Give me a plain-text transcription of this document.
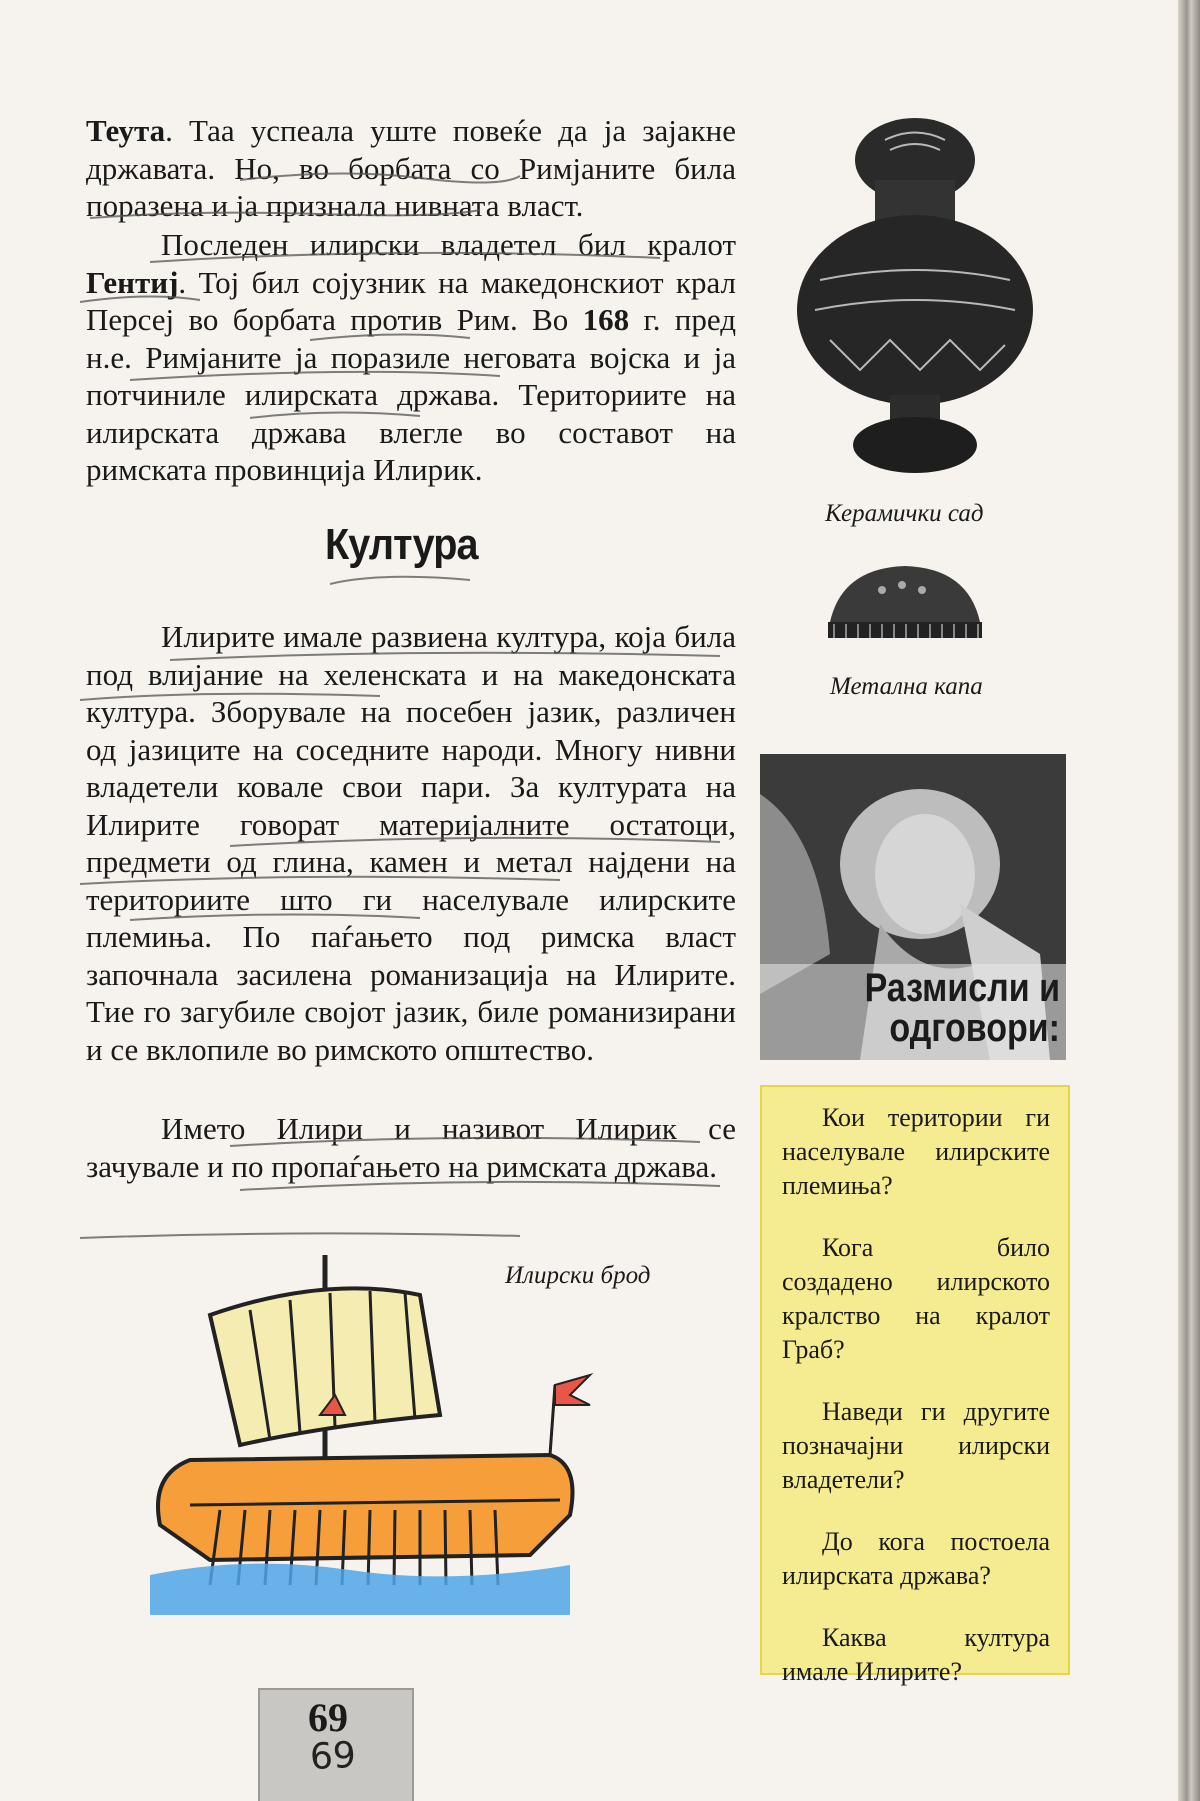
Теута. Таа успеала уште повеќе да ја зајакне државата. Но, во борбата со Римјаните била поразена и ја признала нивната власт.

Последен илирски владетел бил кралот Гентиј. Тој бил сојузник на македонскиот крал Персеј во борбата против Рим. Во 168 г. пред н.е. Римјаните ја поразиле неговата војска и ја потчиниле илирската држава. Териториите на илирската држава влегле во составот на римската провинција Илирик.

Култура

Илирите имале развиена култура, која била под влијание на хеленската и на македонската култура. Зборувале на посебен јазик, различен од јазиците на соседните народи. Многу нивни владетели ковале свои пари. За културата на Илирите говорат материјалните остатоци, предмети од глина, камен и метал најдени на териториите што ги населувале илирските племиња. По паѓањето под римска власт започнала засилена романизација на Илирите. Тие го загубиле својот јазик, биле романизирани и се вклопиле во римското општество.

Името Илири и називот Илирик се зачувале и по пропаѓањето на римската држава.

Керамички сад

Метална капа

Размисли и одговори:

Кои територии ги населувале илирските племиња?

Кога било создадено илирското кралство на кралот Граб?

Наведи ги другите позначајни илирски владетели?

До кога постоела илирската држава?

Каква култура имале Илирите?

Илирски брод

69

69
